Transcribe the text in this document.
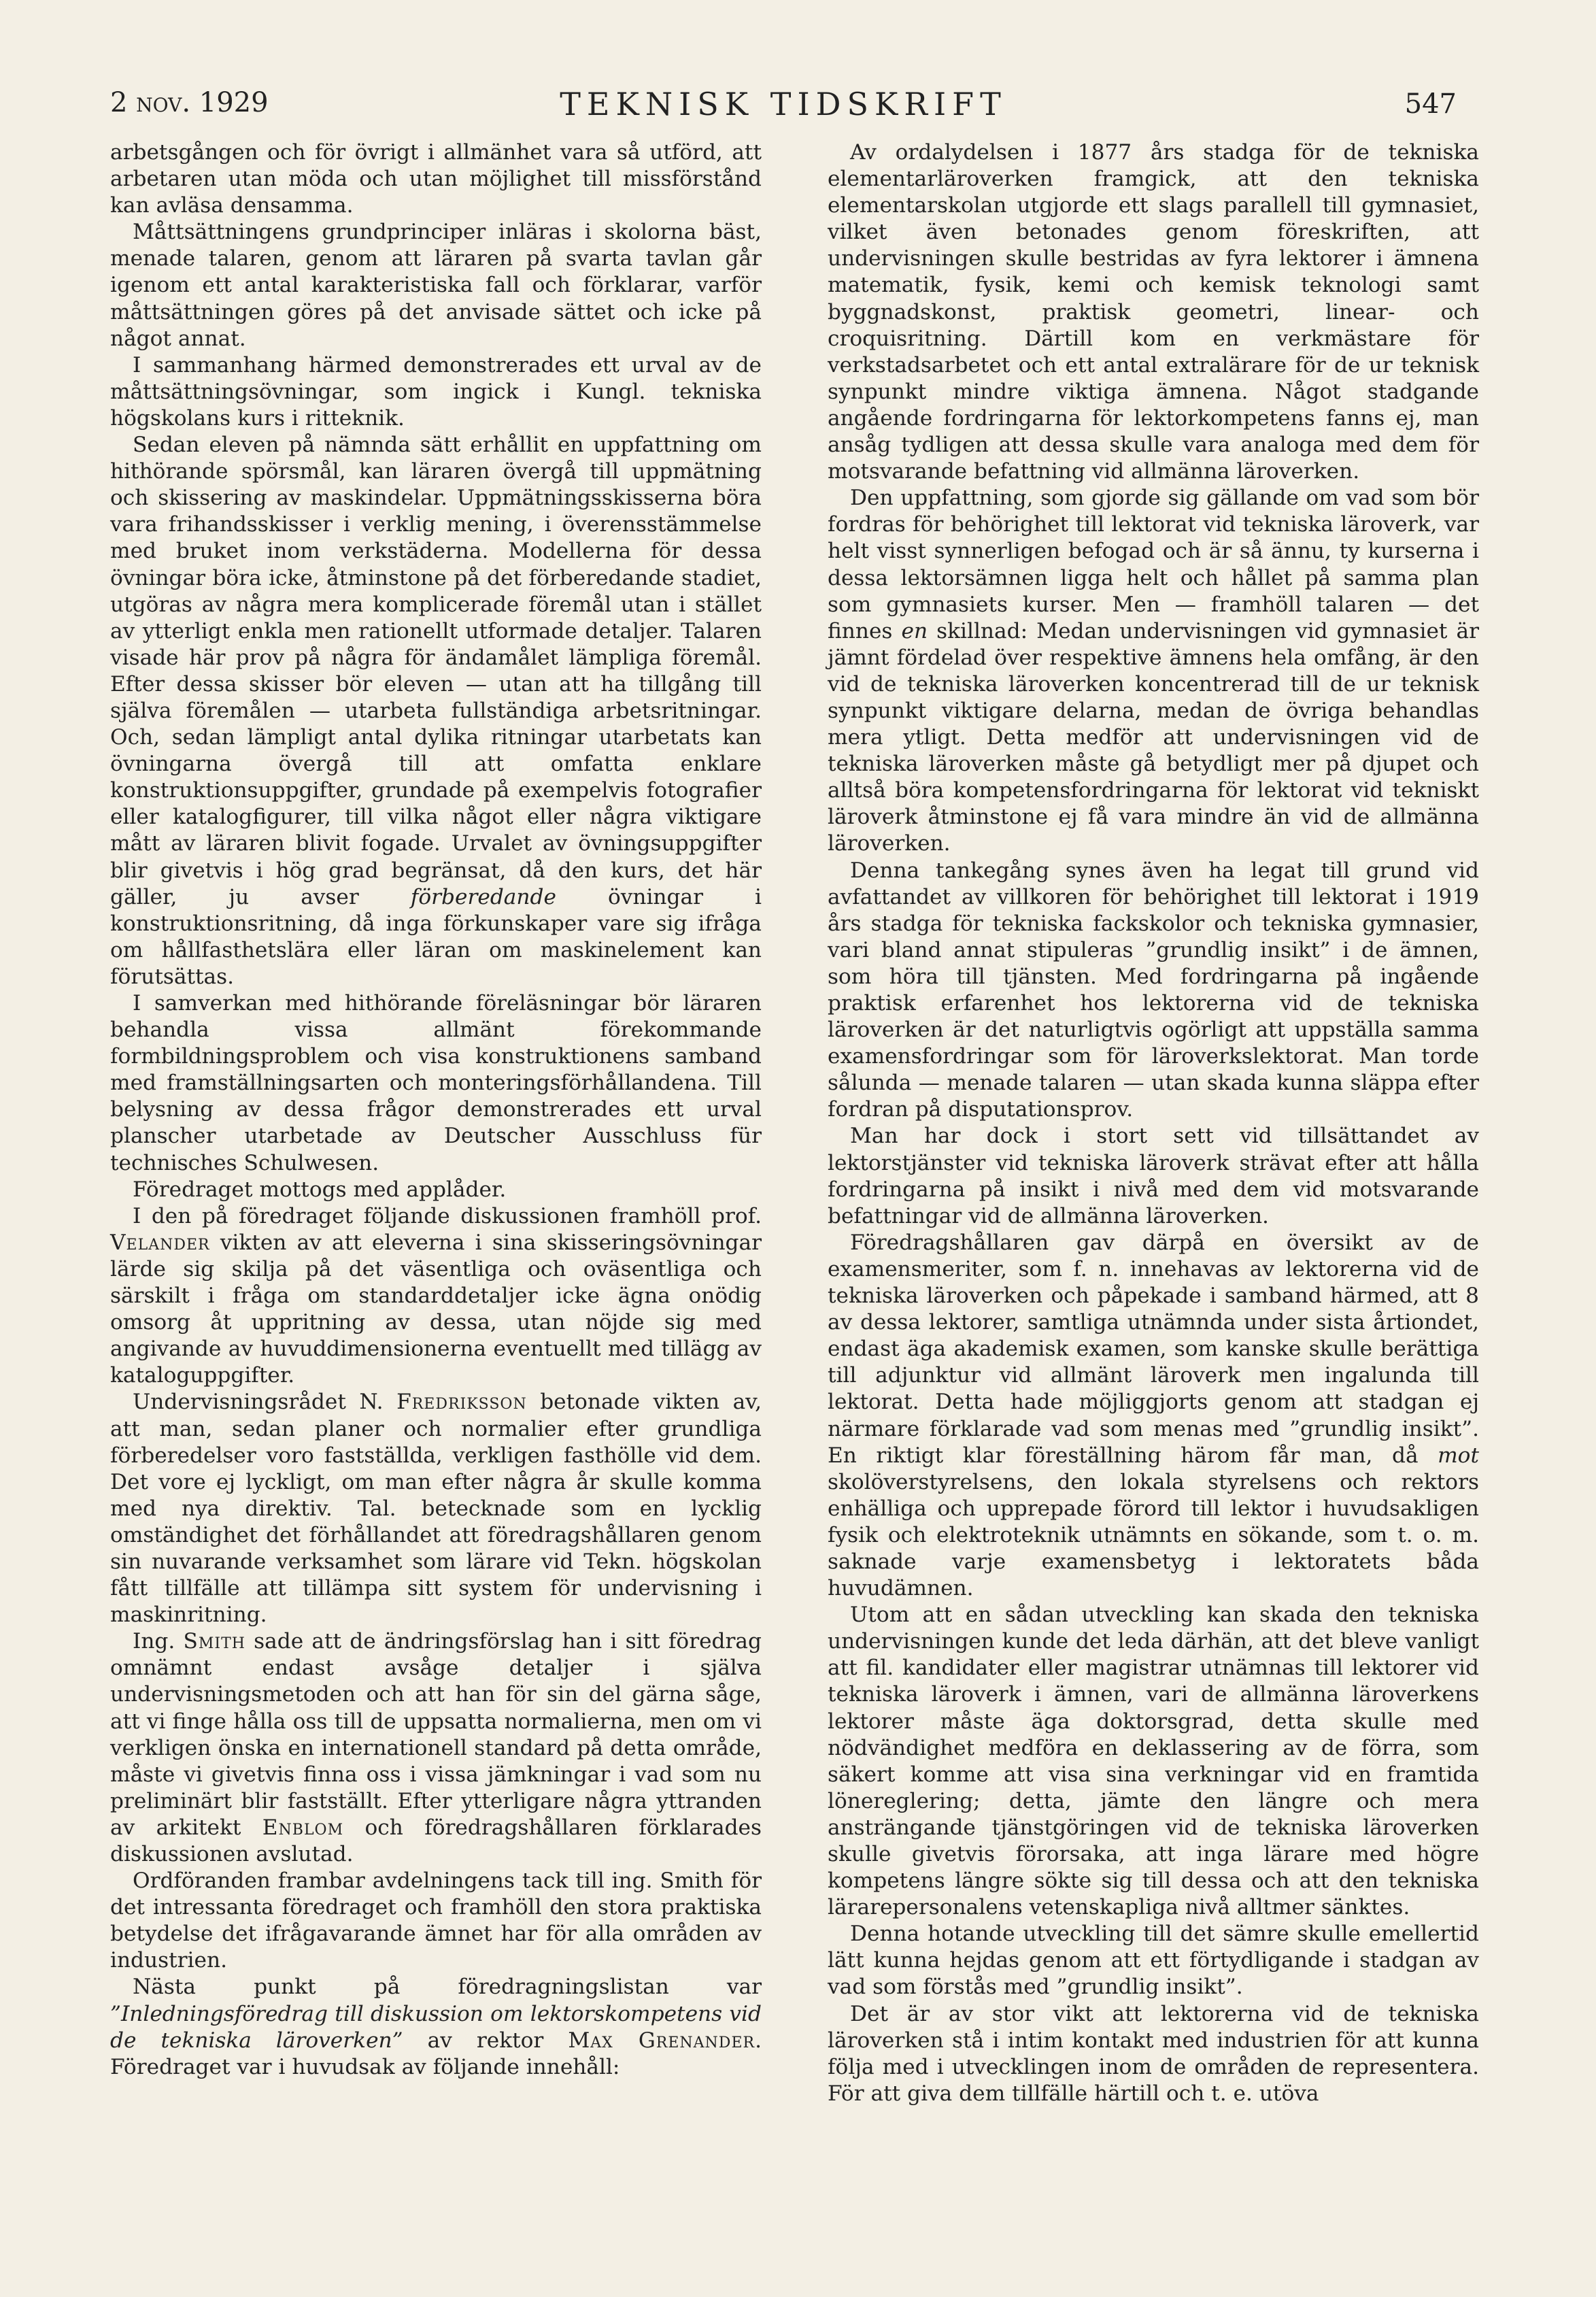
2 nov. 1929	TEKNISK TIDSKRIFT	547

arbetsgången och för övrigt i allmänhet vara så utförd, att arbetaren utan möda och utan möjlighet till missförstånd kan avläsa densamma.

Måttsättningens grundprinciper inläras i skolorna bäst, menade talaren, genom att läraren på svarta tavlan går igenom ett antal karakteristiska fall och förklarar, varför måttsättningen göres på det anvisade sättet och icke på något annat.

I sammanhang härmed demonstrerades ett urval av de måttsättningsövningar, som ingick i Kungl. tekniska högskolans kurs i ritteknik.

Sedan eleven på nämnda sätt erhållit en uppfattning om hithörande spörsmål, kan läraren övergå till uppmätning och skissering av maskindelar. Uppmätningsskisserna böra vara frihandsskisser i verklig mening, i överensstämmelse med bruket inom verkstäderna. Modellerna för dessa övningar böra icke, åtminstone på det förberedande stadiet, utgöras av några mera komplicerade föremål utan i stället av ytterligt enkla men rationellt utformade detaljer. Talaren visade här prov på några för ändamålet lämpliga föremål. Efter dessa skisser bör eleven — utan att ha tillgång till själva föremålen — utarbeta fullständiga arbetsritningar. Och, sedan lämpligt antal dylika ritningar utarbetats kan övningarna övergå till att omfatta enklare konstruktionsuppgifter, grundade på exempelvis fotografier eller katalogfigurer, till vilka något eller några viktigare mått av läraren blivit fogade. Urvalet av övningsuppgifter blir givetvis i hög grad begränsat, då den kurs, det här gäller, ju avser förberedande övningar i konstruktionsritning, då inga förkunskaper vare sig ifråga om hållfasthetslära eller läran om maskinelement kan förutsättas.

I samverkan med hithörande föreläsningar bör läraren behandla vissa allmänt förekommande formbildningsproblem och visa konstruktionens samband med framställningsarten och monteringsförhållandena. Till belysning av dessa frågor demonstrerades ett urval planscher utarbetade av Deutscher Ausschluss für technisches Schulwesen.

Föredraget mottogs med applåder.

I den på föredraget följande diskussionen framhöll prof. Velander vikten av att eleverna i sina skisseringsövningar lärde sig skilja på det väsentliga och oväsentliga och särskilt i fråga om standarddetaljer icke ägna onödig omsorg åt uppritning av dessa, utan nöjde sig med angivande av huvuddimensionerna eventuellt med tillägg av kataloguppgifter.

Undervisningsrådet N. Fredriksson betonade vikten av, att man, sedan planer och normalier efter grundliga förberedelser voro fastställda, verkligen fasthölle vid dem. Det vore ej lyckligt, om man efter några år skulle komma med nya direktiv. Tal. betecknade som en lycklig omständighet det förhållandet att föredragshållaren genom sin nuvarande verksamhet som lärare vid Tekn. högskolan fått tillfälle att tillämpa sitt system för undervisning i maskinritning.

Ing. Smith sade att de ändringsförslag han i sitt föredrag omnämnt endast avsåge detaljer i själva undervisningsmetoden och att han för sin del gärna såge, att vi finge hålla oss till de uppsatta normalierna, men om vi verkligen önska en internationell standard på detta område, måste vi givetvis finna oss i vissa jämkningar i vad som nu preliminärt blir fastställt. Efter ytterligare några yttranden av arkitekt Enblom och föredragshållaren förklarades diskussionen avslutad.

Ordföranden frambar avdelningens tack till ing. Smith för det intressanta föredraget och framhöll den stora praktiska betydelse det ifrågavarande ämnet har för alla områden av industrien.

Nästa punkt på föredragningslistan var ”Inledningsföredrag till diskussion om lektorskompetens vid de tekniska läroverken” av rektor Max Grenander. Föredraget var i huvudsak av följande innehåll:

Av ordalydelsen i 1877 års stadga för de tekniska elementarläroverken framgick, att den tekniska elementarskolan utgjorde ett slags parallell till gymnasiet, vilket även betonades genom föreskriften, att undervisningen skulle bestridas av fyra lektorer i ämnena matematik, fysik, kemi och kemisk teknologi samt byggnadskonst, praktisk geometri, linear- och croquisritning. Därtill kom en verkmästare för verkstadsarbetet och ett antal extralärare för de ur teknisk synpunkt mindre viktiga ämnena. Något stadgande angående fordringarna för lektorkompetens fanns ej, man ansåg tydligen att dessa skulle vara analoga med dem för motsvarande befattning vid allmänna läroverken.

Den uppfattning, som gjorde sig gällande om vad som bör fordras för behörighet till lektorat vid tekniska läroverk, var helt visst synnerligen befogad och är så ännu, ty kurserna i dessa lektorsämnen ligga helt och hållet på samma plan som gymnasiets kurser. Men — framhöll talaren — det finnes en skillnad: Medan undervisningen vid gymnasiet är jämnt fördelad över respektive ämnens hela omfång, är den vid de tekniska läroverken koncentrerad till de ur teknisk synpunkt viktigare delarna, medan de övriga behandlas mera ytligt. Detta medför att undervisningen vid de tekniska läroverken måste gå betydligt mer på djupet och alltså böra kompetensfordringarna för lektorat vid tekniskt läroverk åtminstone ej få vara mindre än vid de allmänna läroverken.

Denna tankegång synes även ha legat till grund vid avfattandet av villkoren för behörighet till lektorat i 1919 års stadga för tekniska fackskolor och tekniska gymnasier, vari bland annat stipuleras ”grundlig insikt” i de ämnen, som höra till tjänsten. Med fordringarna på ingående praktisk erfarenhet hos lektorerna vid de tekniska läroverken är det naturligtvis ogörligt att uppställa samma examensfordringar som för läroverkslektorat. Man torde sålunda — menade talaren — utan skada kunna släppa efter fordran på disputationsprov.

Man har dock i stort sett vid tillsättandet av lektorstjänster vid tekniska läroverk strävat efter att hålla fordringarna på insikt i nivå med dem vid motsvarande befattningar vid de allmänna läroverken.

Föredragshållaren gav därpå en översikt av de examensmeriter, som f. n. innehavas av lektorerna vid de tekniska läroverken och påpekade i samband härmed, att 8 av dessa lektorer, samtliga utnämnda under sista årtiondet, endast äga akademisk examen, som kanske skulle berättiga till adjunktur vid allmänt läroverk men ingalunda till lektorat. Detta hade möjliggjorts genom att stadgan ej närmare förklarade vad som menas med ”grundlig insikt”. En riktigt klar föreställning härom får man, då mot skolöverstyrelsens, den lokala styrelsens och rektors enhälliga och upprepade förord till lektor i huvudsakligen fysik och elektroteknik utnämnts en sökande, som t. o. m. saknade varje examensbetyg i lektoratets båda huvudämnen.

Utom att en sådan utveckling kan skada den tekniska undervisningen kunde det leda därhän, att det bleve vanligt att fil. kandidater eller magistrar utnämnas till lektorer vid tekniska läroverk i ämnen, vari de allmänna läroverkens lektorer måste äga doktorsgrad, detta skulle med nödvändighet medföra en deklassering av de förra, som säkert komme att visa sina verkningar vid en framtida lönereglering; detta, jämte den längre och mera ansträngande tjänstgöringen vid de tekniska läroverken skulle givetvis förorsaka, att inga lärare med högre kompetens längre sökte sig till dessa och att den tekniska lärarepersonalens vetenskapliga nivå alltmer sänktes.

Denna hotande utveckling till det sämre skulle emellertid lätt kunna hejdas genom att ett förtydligande i stadgan av vad som förstås med ”grundlig insikt”.

Det är av stor vikt att lektorerna vid de tekniska läroverken stå i intim kontakt med industrien för att kunna följa med i utvecklingen inom de områden de representera. För att giva dem tillfälle härtill och t. e. utöva
